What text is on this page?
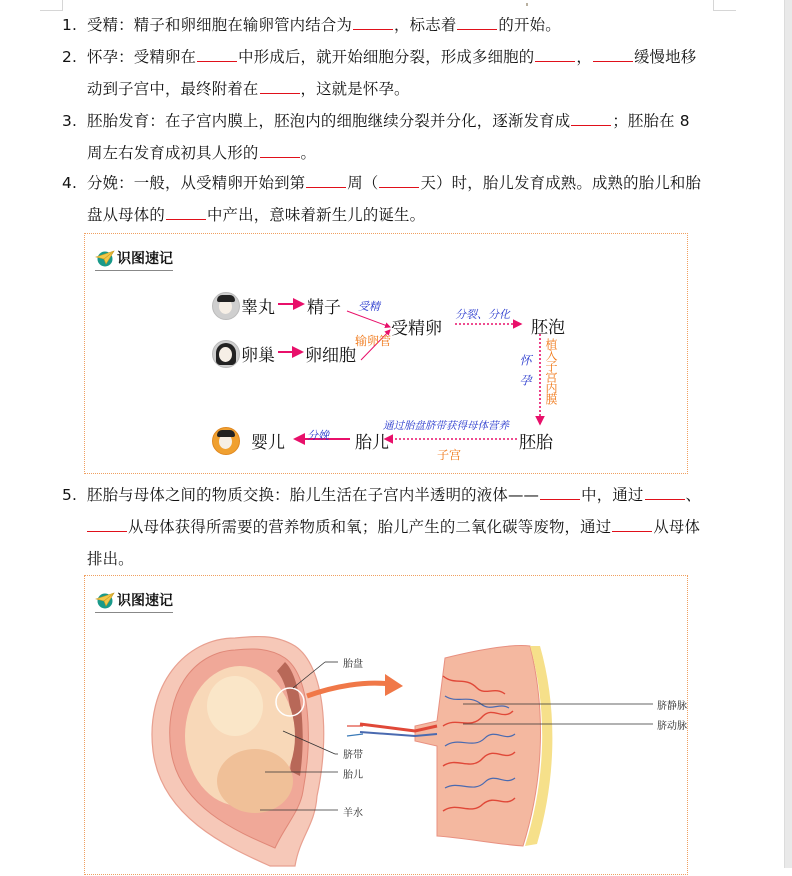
1. 受精：精子和卵细胞在输卵管内结合为	，标志着	的开始。
2. 怀孕：受精卵在	中形成后，就开始细胞分裂，形成多细胞的	，	缓慢地移
动到子宫中，最终附着在	，这就是怀孕。
3. 胚胎发育：在子宫内膜上，胚泡内的细胞继续分裂并分化，逐渐发育成	；胚胎在 8
周左右发育成初具人形的	。
4. 分娩：一般，从受精卵开始到第	周（	天）时，胎儿发育成熟。成熟的胎儿和胎
盘从母体的	中产出，意味着新生儿的诞生。
识图速记
睾丸 精子
卵巢 卵细胞
受精
输卵管
受精卵
分裂、分化
胚泡
植入子宫内膜
怀孕
通过胎盘脐带获得母体营养
胚胎
子宫
胎儿
分娩
婴儿
5. 胚胎与母体之间的物质交换：胎儿生活在子宫内半透明的液体——	中，通过	、
从母体获得所需要的营养物质和氧；胎儿产生的二氧化碳等废物，通过	从母体
排出。
识图速记
胎盘
脐带
胎儿
羊水
脐静脉
脐动脉
